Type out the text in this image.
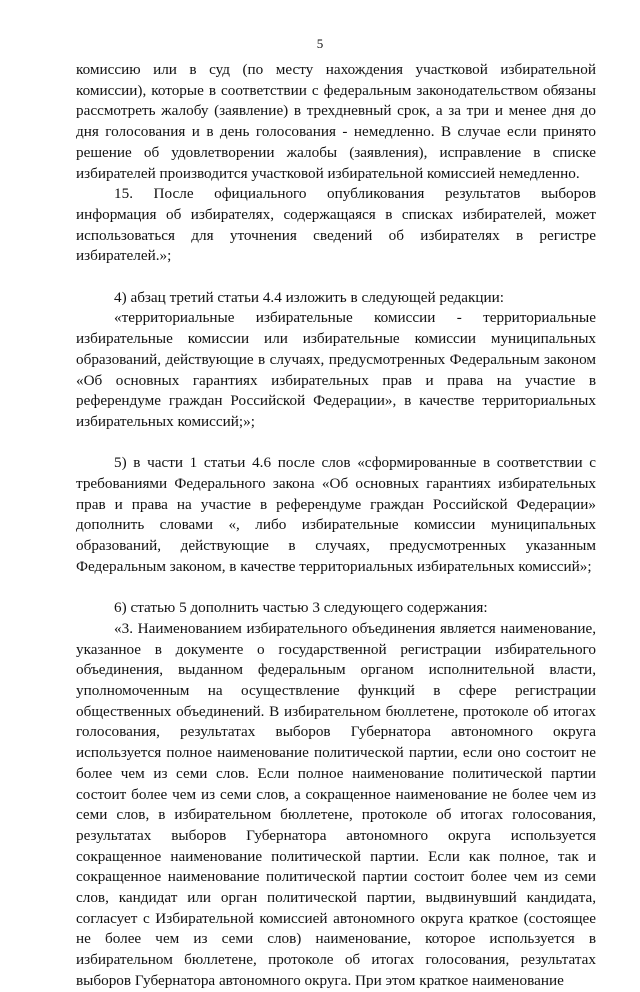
5

комиссию или в суд (по месту нахождения участковой избирательной комиссии), которые в соответствии с федеральным законодательством обязаны рассмотреть жалобу (заявление) в трехдневный срок, а за три и менее дня до дня голосования и в день голосования - немедленно. В случае если принято решение об удовлетворении жалобы (заявления), исправление в списке избирателей производится участковой избирательной комиссией немедленно.

15. После официального опубликования результатов выборов информация об избирателях, содержащаяся в списках избирателей, может использоваться для уточнения сведений об избирателях в регистре избирателей.»;

4) абзац третий статьи 4.4 изложить в следующей редакции:

«территориальные избирательные комиссии - территориальные избирательные комиссии или избирательные комиссии муниципальных образований, действующие в случаях, предусмотренных Федеральным законом «Об основных гарантиях избирательных прав и права на участие в референдуме граждан Российской Федерации», в качестве территориальных избирательных комиссий;»;

5) в части 1 статьи 4.6 после слов «сформированные в соответствии с требованиями Федерального закона «Об основных гарантиях избирательных прав и права на участие в референдуме граждан Российской Федерации» дополнить словами «, либо избирательные комиссии муниципальных образований, действующие в случаях, предусмотренных указанным Федеральным законом, в качестве территориальных избирательных комиссий»;

6) статью 5 дополнить частью 3 следующего содержания:

«3. Наименованием избирательного объединения является наименование, указанное в документе о государственной регистрации избирательного объединения, выданном федеральным органом исполнительной власти, уполномоченным на осуществление функций в сфере регистрации общественных объединений. В избирательном бюллетене, протоколе об итогах голосования, результатах выборов Губернатора автономного округа используется полное наименование политической партии, если оно состоит не более чем из семи слов. Если полное наименование политической партии состоит более чем из семи слов, а сокращенное наименование не более чем из семи слов, в избирательном бюллетене, протоколе об итогах голосования, результатах выборов Губернатора автономного округа используется сокращенное наименование политической партии. Если как полное, так и сокращенное наименование политической партии состоит более чем из семи слов, кандидат или орган политической партии, выдвинувший кандидата, согласует с Избирательной комиссией автономного округа краткое (состоящее не более чем из семи слов) наименование, которое используется в избирательном бюллетене, протоколе об итогах голосования, результатах выборов Губернатора автономного округа. При этом краткое наименование
